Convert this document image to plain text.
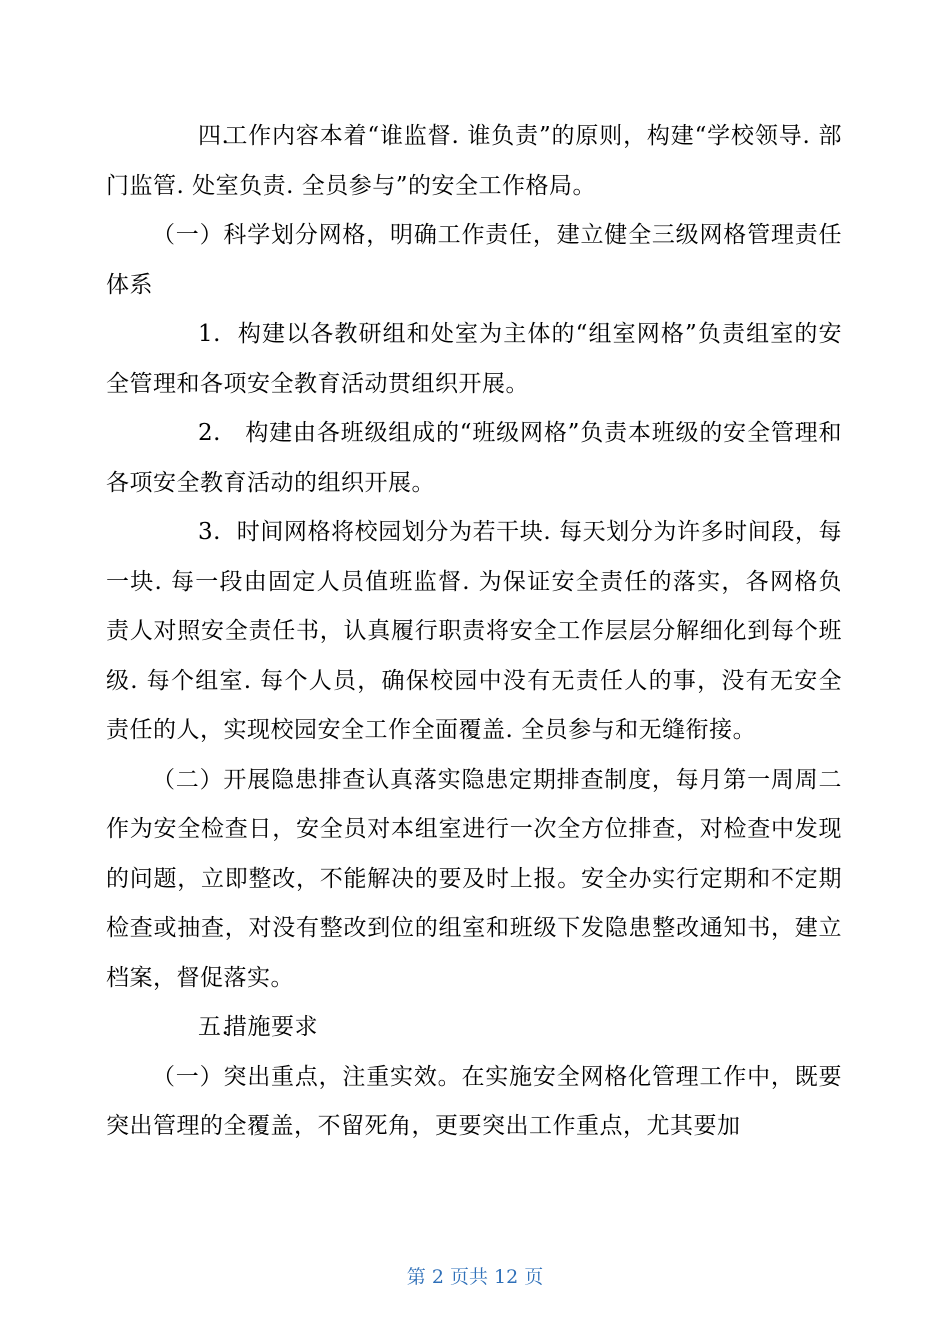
四.工作内容本着“谁监督. 谁负责”的原则，构建“学校领导. 部门监管. 处室负责. 全员参与”的安全工作格局。

（一）科学划分网格，明确工作责任，建立健全三级网格管理责任体系

1. 构建以各教研组和处室为主体的“组室网格”负责组室的安全管理和各项安全教育活动贯组织开展。

2. 构建由各班级组成的“班级网格”负责本班级的安全管理和各项安全教育活动的组织开展。

3. 时间网格将校园划分为若干块. 每天划分为许多时间段，每一块. 每一段由固定人员值班监督. 为保证安全责任的落实，各网格负责人对照安全责任书，认真履行职责将安全工作层层分解细化到每个班级. 每个组室. 每个人员，确保校园中没有无责任人的事，没有无安全责任的人，实现校园安全工作全面覆盖. 全员参与和无缝衔接。

（二）开展隐患排查认真落实隐患定期排查制度，每月第一周周二作为安全检查日，安全员对本组室进行一次全方位排查，对检查中发现的问题，立即整改，不能解决的要及时上报。安全办实行定期和不定期检查或抽查，对没有整改到位的组室和班级下发隐患整改通知书，建立档案，督促落实。

五.措施要求

（一）突出重点，注重实效。在实施安全网格化管理工作中，既要突出管理的全覆盖，不留死角，更要突出工作重点，尤其要加

第 2 页共 12 页
